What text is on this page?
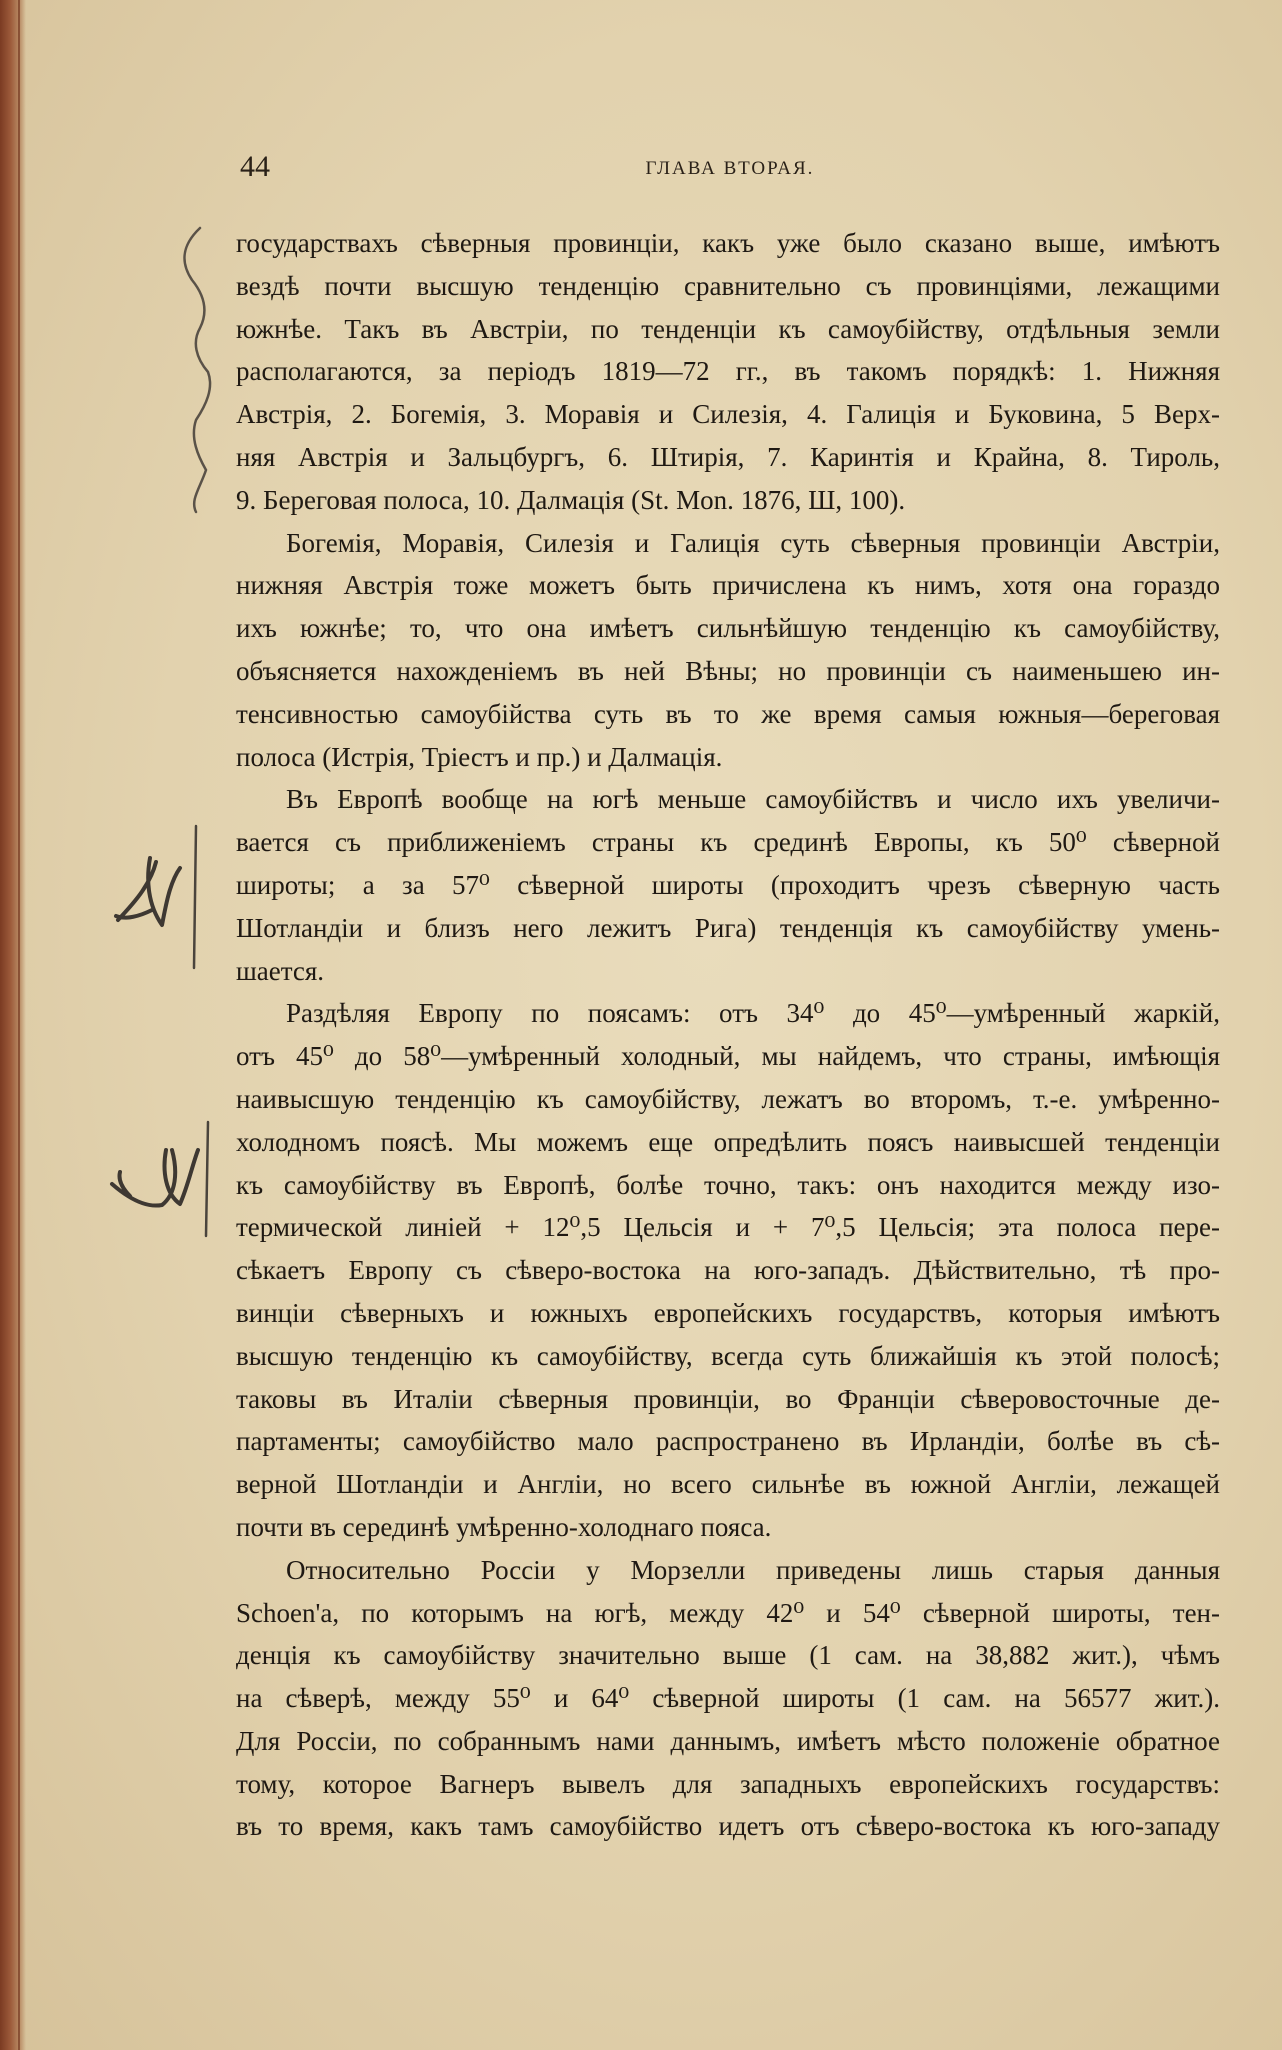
44	ГЛАВА ВТОРАЯ.
государствахъ сѣверныя провинціи, какъ уже было сказано выше, имѣютъ
вездѣ почти высшую тенденцію сравнительно съ провинціями, лежащими
южнѣе. Такъ въ Австріи, по тенденціи къ самоубійству, отдѣльныя земли
располагаются, за періодъ 1819—72 гг., въ такомъ порядкѣ: 1. Нижняя
Австрія, 2. Богемія, 3. Моравія и Силезія, 4. Галиція и Буковина, 5 Верх-
няя Австрія и Зальцбургъ, 6. Штирія, 7. Каринтія и Крайна, 8. Тироль,
9. Береговая полоса, 10. Далмація (St. Mon. 1876, Ш, 100).
Богемія, Моравія, Силезія и Галиція суть сѣверныя провинціи Австріи,
нижняя Австрія тоже можетъ быть причислена къ нимъ, хотя она гораздо
ихъ южнѣе; то, что она имѣетъ сильнѣйшую тенденцію къ самоубійству,
объясняется нахожденіемъ въ ней Вѣны; но провинціи съ наименьшею ин-
тенсивностью самоубійства суть въ то же время самыя южныя—береговая
полоса (Истрія, Тріестъ и пр.) и Далмація.
Въ Европѣ вообще на югѣ меньше самоубійствъ и число ихъ увеличи-
вается съ приближеніемъ страны къ срединѣ Европы, къ 50⁰ сѣверной
широты; а за 57⁰ сѣверной широты (проходитъ чрезъ сѣверную часть
Шотландіи и близъ него лежитъ Рига) тенденція къ самоубійству умень-
шается.
Раздѣляя Европу по поясамъ: отъ 34⁰ до 45⁰—умѣренный жаркій,
отъ 45⁰ до 58⁰—умѣренный холодный, мы найдемъ, что страны, имѣющія
наивысшую тенденцію къ самоубійству, лежатъ во второмъ, т.-е. умѣренно-
холодномъ поясѣ. Мы можемъ еще опредѣлить поясъ наивысшей тенденціи
къ самоубійству въ Европѣ, болѣе точно, такъ: онъ находится между изо-
термической линіей + 12⁰,5 Цельсія и + 7⁰,5 Цельсія; эта полоса пере-
сѣкаетъ Европу съ сѣверо-востока на юго-западъ. Дѣйствительно, тѣ про-
винціи сѣверныхъ и южныхъ европейскихъ государствъ, которыя имѣютъ
высшую тенденцію къ самоубійству, всегда суть ближайшія къ этой полосѣ;
таковы въ Италіи сѣверныя провинціи, во Франціи сѣверовосточные де-
партаменты; самоубійство мало распространено въ Ирландіи, болѣе въ сѣ-
верной Шотландіи и Англіи, но всего сильнѣе въ южной Англіи, лежащей
почти въ серединѣ умѣренно-холоднаго пояса.
Относительно Россіи у Морзелли приведены лишь старыя данныя
Schoen'a, по которымъ на югѣ, между 42⁰ и 54⁰ сѣверной широты, тен-
денція къ самоубійству значительно выше (1 сам. на 38,882 жит.), чѣмъ
на сѣверѣ, между 55⁰ и 64⁰ сѣверной широты (1 сам. на 56577 жит.).
Для Россіи, по собраннымъ нами даннымъ, имѣетъ мѣсто положеніе обратное
тому, которое Вагнеръ вывелъ для западныхъ европейскихъ государствъ:
въ то время, какъ тамъ самоубійство идетъ отъ сѣверо-востока къ юго-западу
